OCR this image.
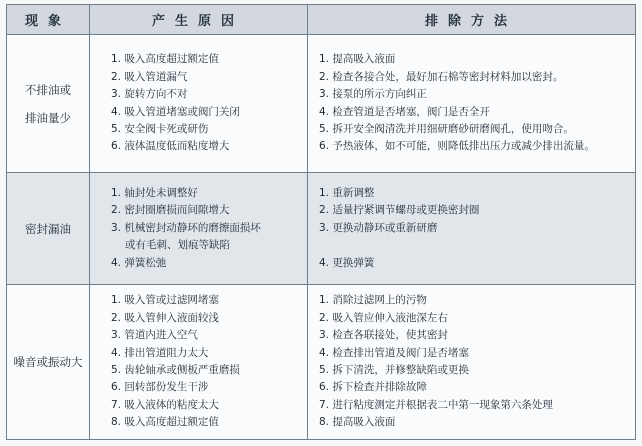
现象	产生原因	排除方法
不排油或
排油量少
1. 吸入高度超过额定值
2. 吸入管道漏气
3. 旋转方向不对
4. 吸入管道堵塞或阀门关闭
5. 安全阀卡死或研伤
6. 液体温度低而粘度增大
1. 提高吸入液面
2. 检查各接合处，最好加石棉等密封材料加以密封。
3. 接泵的所示方向纠正
4. 检查管道是否堵塞，阀门是否全开
5. 拆开安全阀清洗并用细研磨砂研磨阀孔，使用吻合。
6. 予热液体，如不可能，则降低排出压力或减少排出流量。
密封漏油
1. 轴封处未调整好
2. 密封圈磨损而间隙增大
3. 机械密封动静环的磨擦面损坏
或有毛刺、划痕等缺陷
4. 弹簧松弛
1. 重新调整
2. 适量拧紧调节螺母或更换密封圈
3. 更换动静环或重新研磨
4. 更换弹簧
噪音或振动大
1. 吸入管或过滤网堵塞
2. 吸入管伸入液面较浅
3. 管道内进入空气
4. 排出管道阻力太大
5. 齿轮轴承或侧板严重磨损
6. 回转部份发生干涉
7. 吸入液体的粘度太大
8. 吸入高度超过额定值
1. 消除过滤网上的污物
2. 吸入管应伸入液池深左右
3. 检查各联接处，使其密封
4. 检查排出管道及阀门是否堵塞
5. 拆下清洗，并修整缺陷或更换
6. 拆下检查并排除故障
7. 进行粘度测定并根据表二中第一现象第六条处理
8. 提高吸入液面
